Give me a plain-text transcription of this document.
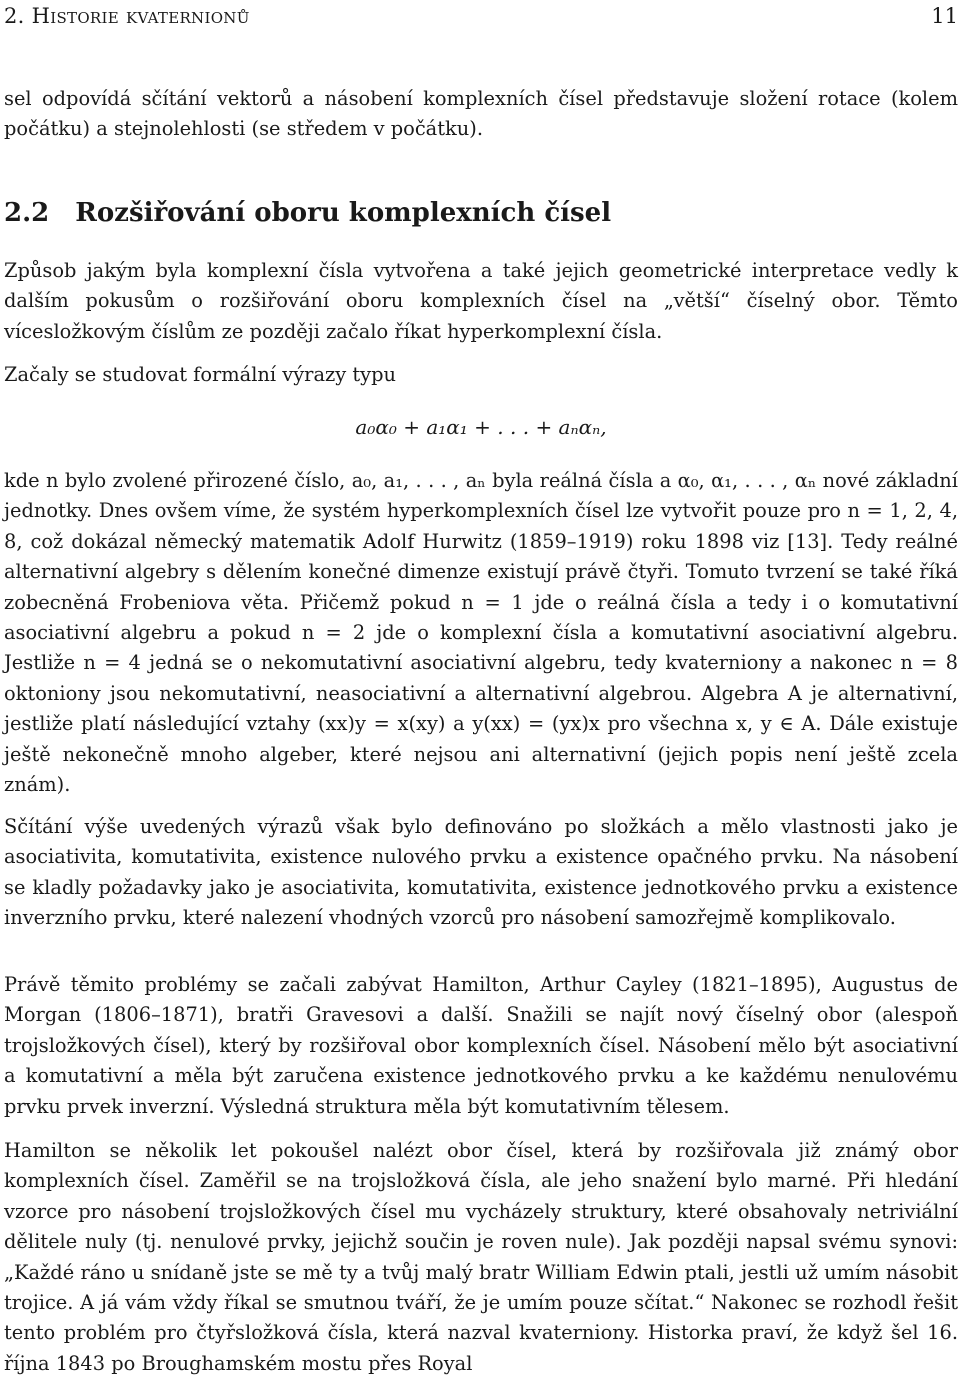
2. Historie kvaternionů	11

sel odpovídá sčítání vektorů a násobení komplexních čísel představuje složení rotace (kolem počátku) a stejnolehlosti (se středem v počátku).

2.2 Rozšiřování oboru komplexních čísel

Způsob jakým byla komplexní čísla vytvořena a také jejich geometrické interpretace vedly k dalším pokusům o rozšiřování oboru komplexních čísel na „větší“ číselný obor. Těmto vícesložkovým číslům ze později začalo říkat hyperkomplexní čísla.

Začaly se studovat formální výrazy typu

a₀α₀ + a₁α₁ + . . . + aₙαₙ,

kde n bylo zvolené přirozené číslo, a₀, a₁, . . . , aₙ byla reálná čísla a α₀, α₁, . . . , αₙ nové základní jednotky. Dnes ovšem víme, že systém hyperkomplexních čísel lze vytvořit pouze pro n = 1, 2, 4, 8, což dokázal německý matematik Adolf Hurwitz (1859–1919) roku 1898 viz [13]. Tedy reálné alternativní algebry s dělením konečné dimenze existují právě čtyři. Tomuto tvrzení se také říká zobecněná Frobeniova věta. Přičemž pokud n = 1 jde o reálná čísla a tedy i o komutativní asociativní algebru a pokud n = 2 jde o komplexní čísla a komutativní asociativní algebru. Jestliže n = 4 jedná se o nekomutativní asociativní algebru, tedy kvaterniony a nakonec n = 8 oktoniony jsou nekomutativní, neasociativní a alternativní algebrou. Algebra A je alternativní, jestliže platí následující vztahy (xx)y = x(xy) a y(xx) = (yx)x pro všechna x, y ∈ A. Dále existuje ještě nekonečně mnoho algeber, které nejsou ani alternativní (jejich popis není ještě zcela znám).

Sčítání výše uvedených výrazů však bylo definováno po složkách a mělo vlastnosti jako je asociativita, komutativita, existence nulového prvku a existence opačného prvku. Na násobení se kladly požadavky jako je asociativita, komutativita, existence jednotkového prvku a existence inverzního prvku, které nalezení vhodných vzorců pro násobení samozřejmě komplikovalo.

Právě těmito problémy se začali zabývat Hamilton, Arthur Cayley (1821–1895), Augustus de Morgan (1806–1871), bratři Gravesovi a další. Snažili se najít nový číselný obor (alespoň trojsložkových čísel), který by rozšiřoval obor komplexních čísel. Násobení mělo být asociativní a komutativní a měla být zaručena existence jednotkového prvku a ke každému nenulovému prvku prvek inverzní. Výsledná struktura měla být komutativním tělesem.

Hamilton se několik let pokoušel nalézt obor čísel, která by rozšiřovala již známý obor komplexních čísel. Zaměřil se na trojsložková čísla, ale jeho snažení bylo marné. Při hledání vzorce pro násobení trojsložkových čísel mu vycházely struktury, které obsahovaly netriviální dělitele nuly (tj. nenulové prvky, jejichž součin je roven nule). Jak později napsal svému synovi: „Každé ráno u snídaně jste se mě ty a tvůj malý bratr William Edwin ptali, jestli už umím násobit trojice. A já vám vždy říkal se smutnou tváří, že je umím pouze sčítat.“ Nakonec se rozhodl řešit tento problém pro čtyřsložková čísla, která nazval kvaterniony. Historka praví, že když šel 16. října 1843 po Broughamském mostu přes Royal
